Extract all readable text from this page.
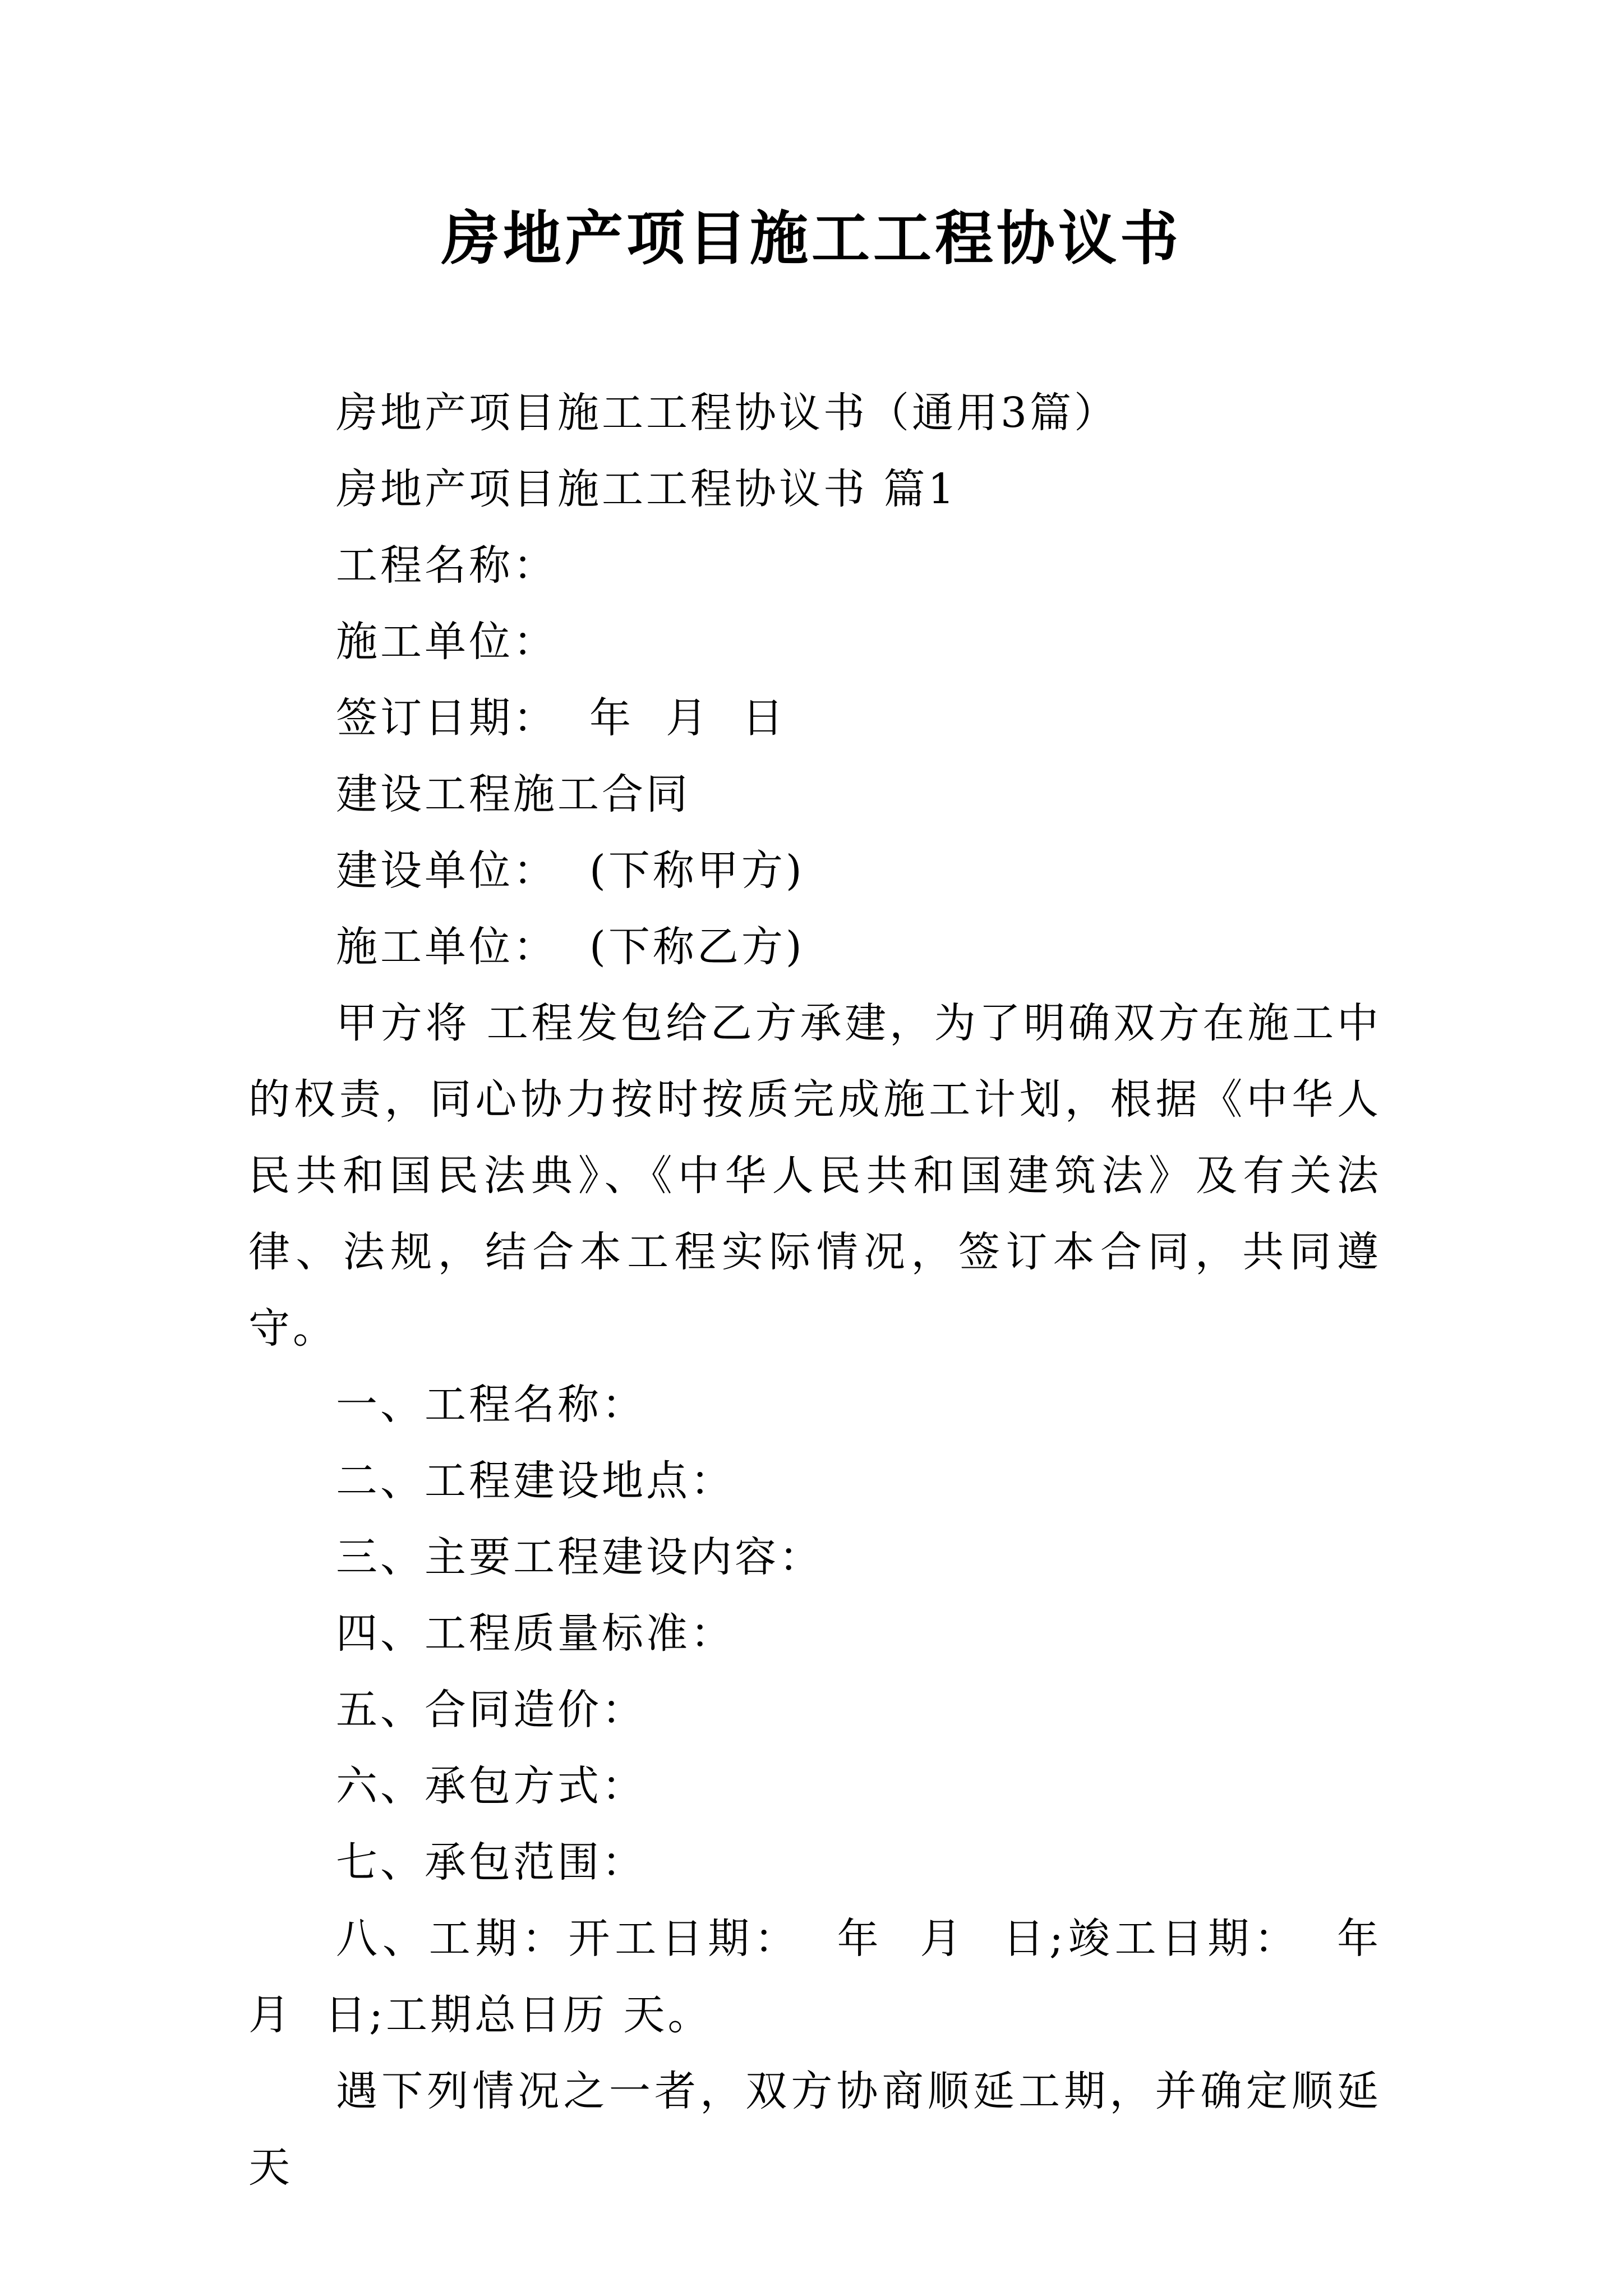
房地产项目施工工程协议书

房地产项目施工工程协议书（通用3篇）

房地产项目施工工程协议书 篇1

工程名称：

施工单位：

签订日期：  年  月  日

建设工程施工合同

建设单位：  (下称甲方)

施工单位：  (下称乙方)

甲方将 工程发包给乙方承建，为了明确双方在施工中的权责，同心协力按时按质完成施工计划，根据《中华人民共和国民法典》、《中华人民共和国建筑法》及有关法律、法规，结合本工程实际情况，签订本合同，共同遵守。

一、工程名称：

二、工程建设地点：

三、主要工程建设内容：

四、工程质量标准：

五、合同造价：

六、承包方式：

七、承包范围：

八、工期：开工日期：  年  月  日;竣工日期：  年  月  日;工期总日历 天。

遇下列情况之一者，双方协商顺延工期，并确定顺延天
